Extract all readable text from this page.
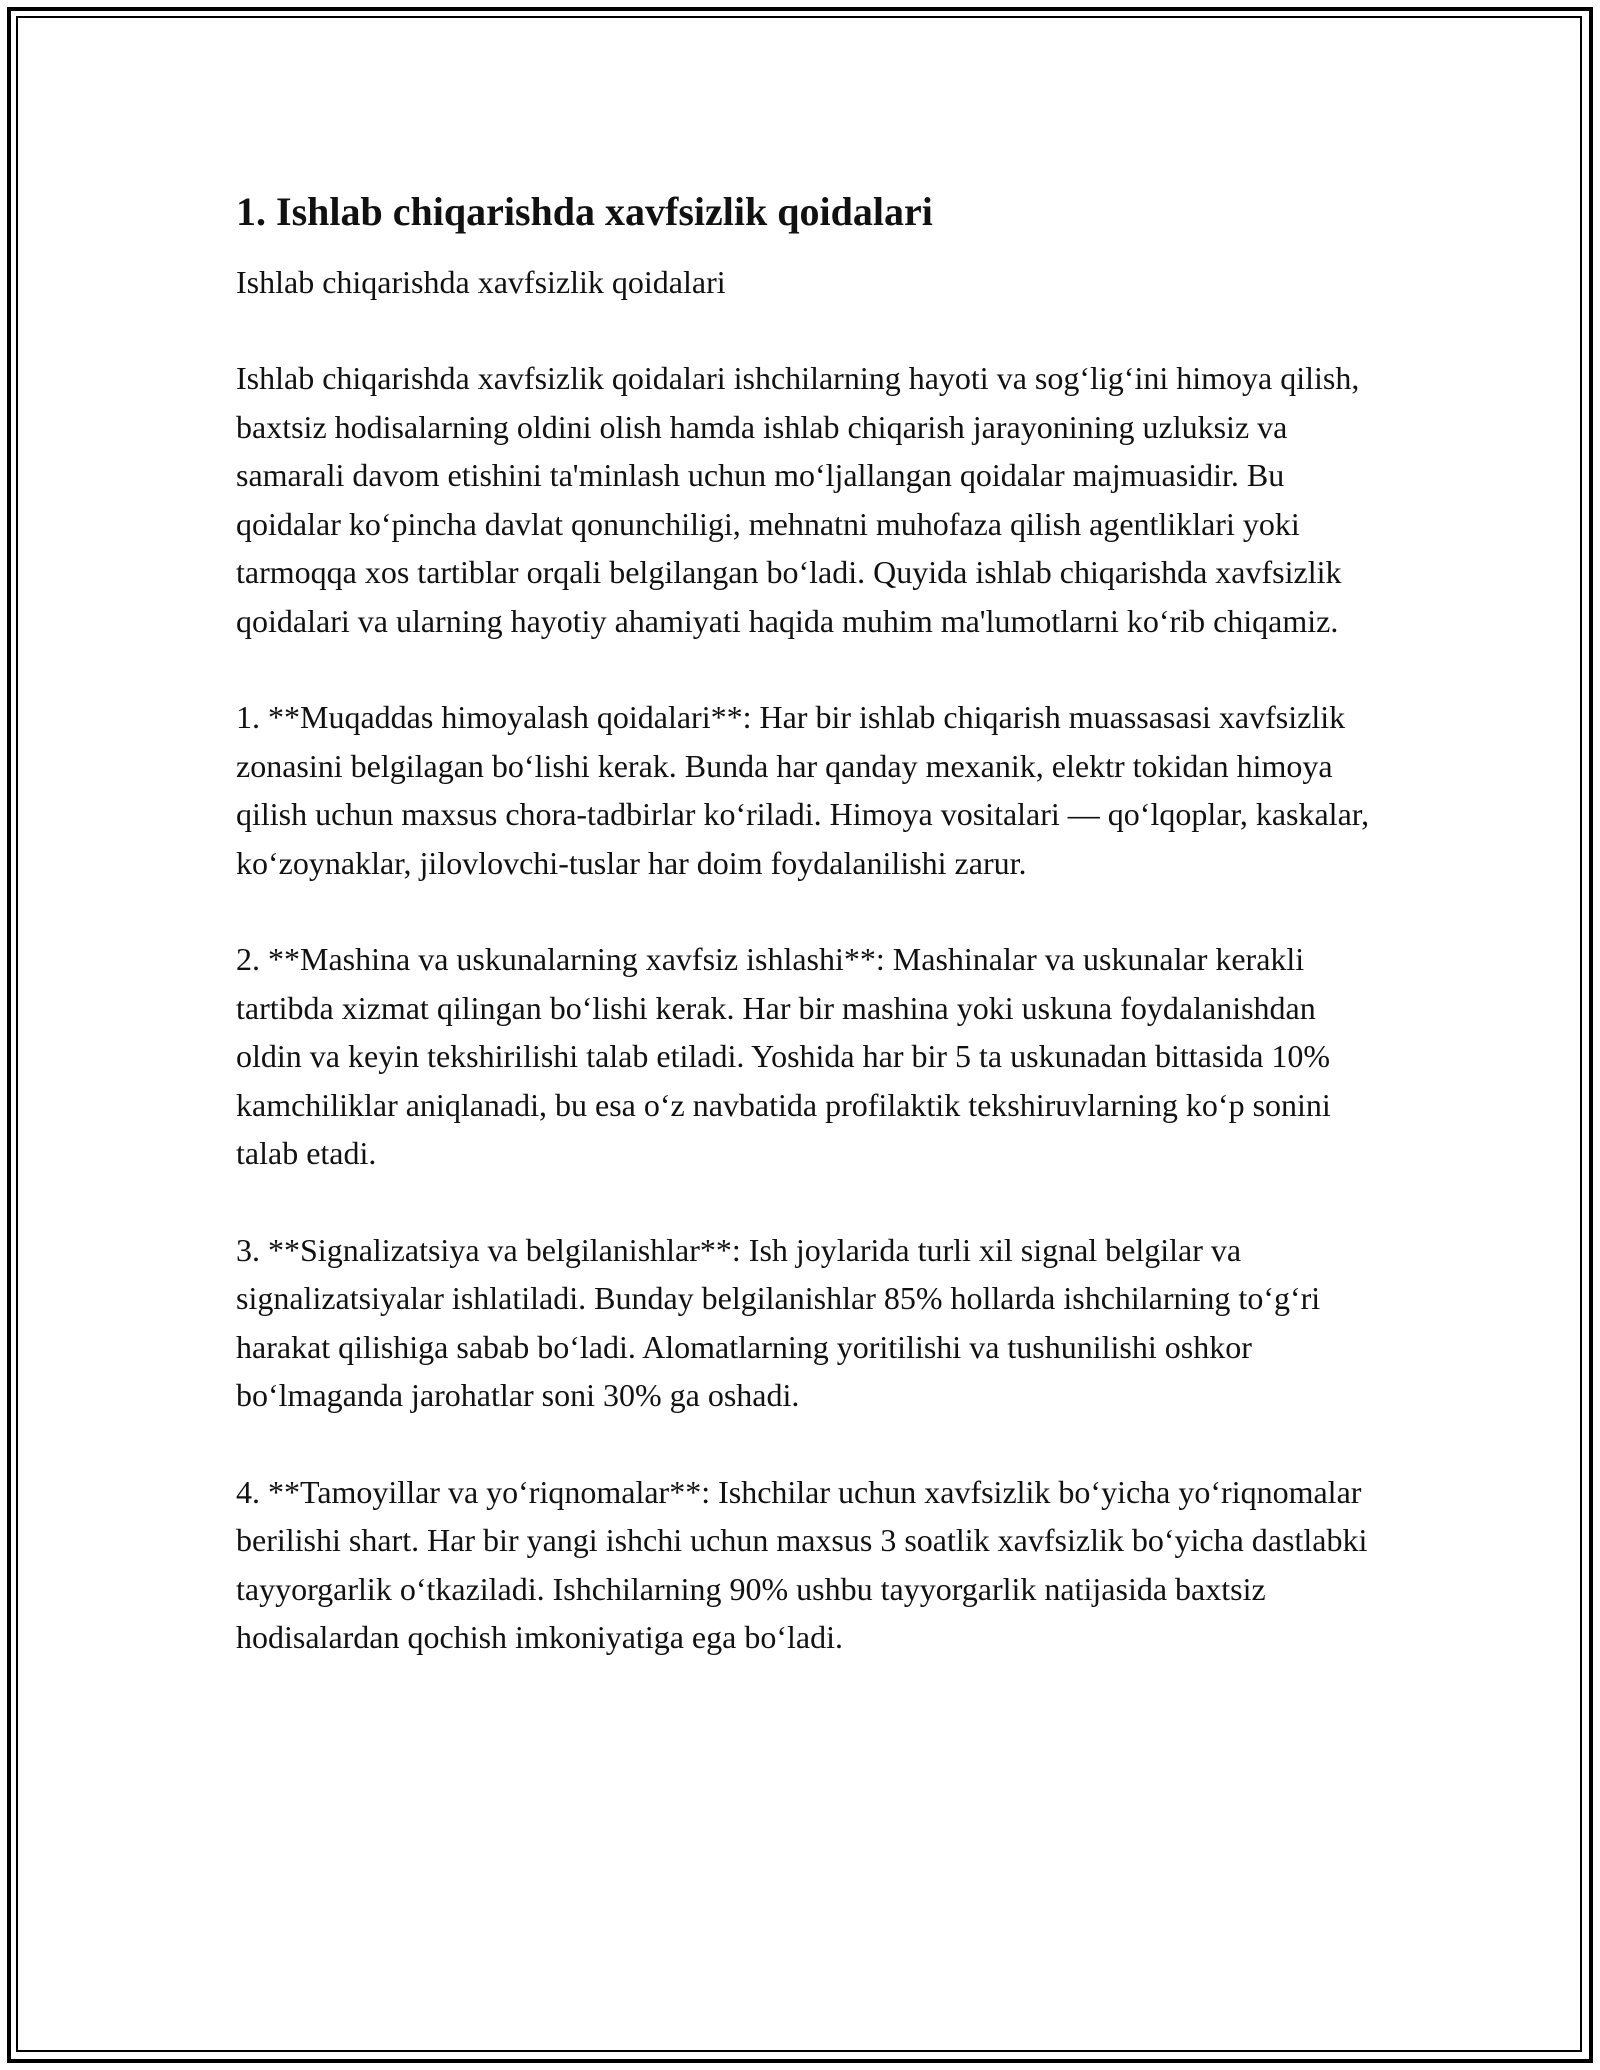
1. Ishlab chiqarishda xavfsizlik qoidalari

Ishlab chiqarishda xavfsizlik qoidalari

Ishlab chiqarishda xavfsizlik qoidalari ishchilarning hayoti va sog‘lig‘ini himoya qilish, baxtsiz hodisalarning oldini olish hamda ishlab chiqarish jarayonining uzluksiz va samarali davom etishini ta'minlash uchun mo‘ljallangan qoidalar majmuasidir. Bu qoidalar ko‘pincha davlat qonunchiligi, mehnatni muhofaza qilish agentliklari yoki tarmoqqa xos tartiblar orqali belgilangan bo‘ladi. Quyida ishlab chiqarishda xavfsizlik qoidalari va ularning hayotiy ahamiyati haqida muhim ma'lumotlarni ko‘rib chiqamiz.

1. **Muqaddas himoyalash qoidalari**: Har bir ishlab chiqarish muassasasi xavfsizlik zonasini belgilagan bo‘lishi kerak. Bunda har qanday mexanik, elektr tokidan himoya qilish uchun maxsus chora-tadbirlar ko‘riladi. Himoya vositalari — qo‘lqoplar, kaskalar, ko‘zoynaklar, jilovlovchi-tuslar har doim foydalanilishi zarur.

2. **Mashina va uskunalarning xavfsiz ishlashi**: Mashinalar va uskunalar kerakli tartibda xizmat qilingan bo‘lishi kerak. Har bir mashina yoki uskuna foydalanishdan oldin va keyin tekshirilishi talab etiladi. Yoshida har bir 5 ta uskunadan bittasida 10% kamchiliklar aniqlanadi, bu esa o‘z navbatida profilaktik tekshiruvlarning ko‘p sonini talab etadi.

3. **Signalizatsiya va belgilanishlar**: Ish joylarida turli xil signal belgilar va signalizatsiyalar ishlatiladi. Bunday belgilanishlar 85% hollarda ishchilarning to‘g‘ri harakat qilishiga sabab bo‘ladi. Alomatlarning yoritilishi va tushunilishi oshkor bo‘lmaganda jarohatlar soni 30% ga oshadi.

4. **Tamoyillar va yo‘riqnomalar**: Ishchilar uchun xavfsizlik bo‘yicha yo‘riqnomalar berilishi shart. Har bir yangi ishchi uchun maxsus 3 soatlik xavfsizlik bo‘yicha dastlabki tayyorgarlik o‘tkaziladi. Ishchilarning 90% ushbu tayyorgarlik natijasida baxtsiz hodisalardan qochish imkoniyatiga ega bo‘ladi.
